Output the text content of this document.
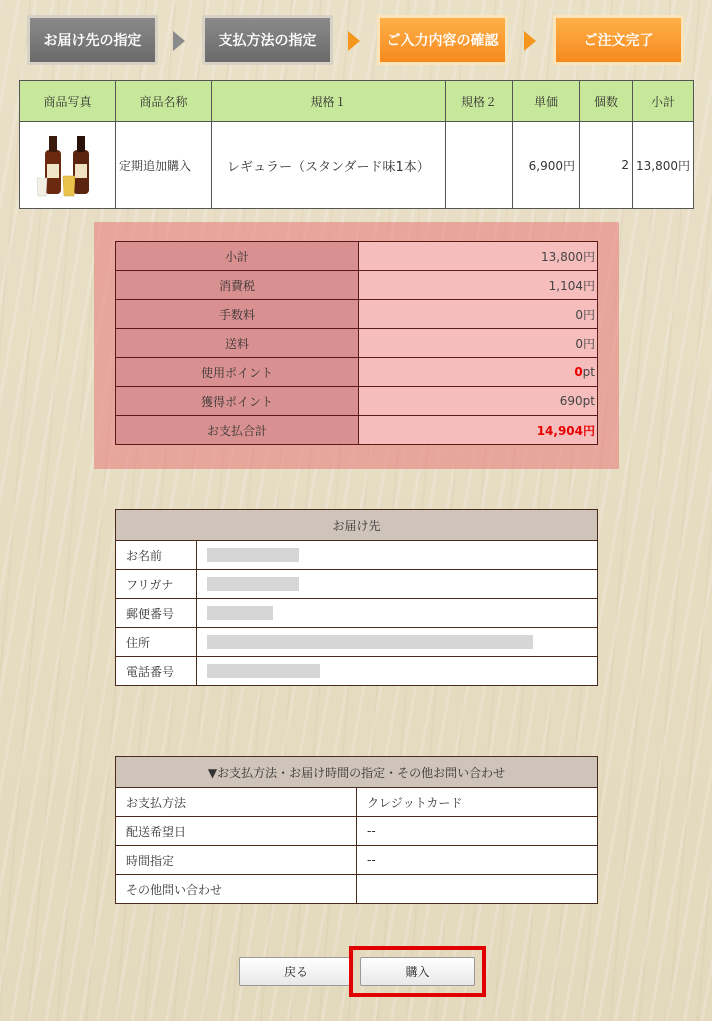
お届け先の指定	支払方法の指定	ご入力内容の確認	ご注文完了
商品写真	商品名称	規格１	規格２	単価	個数	小計
	定期追加購入	レギュラー（スタンダード味1本）		6,900円	2	13,800円
小計	13,800円
消費税	1,104円
手数料	0円
送料	0円
使用ポイント	0pt
獲得ポイント	690pt
お支払合計	14,904円
お届け先	
お名前	
フリガナ	
郵便番号	
住所	
電話番号	
▼お支払方法・お届け時間の指定・その他お問い合わせ	
お支払方法	クレジットカード
配送希望日	--
時間指定	--
その他問い合わせ	
戻る	購入
